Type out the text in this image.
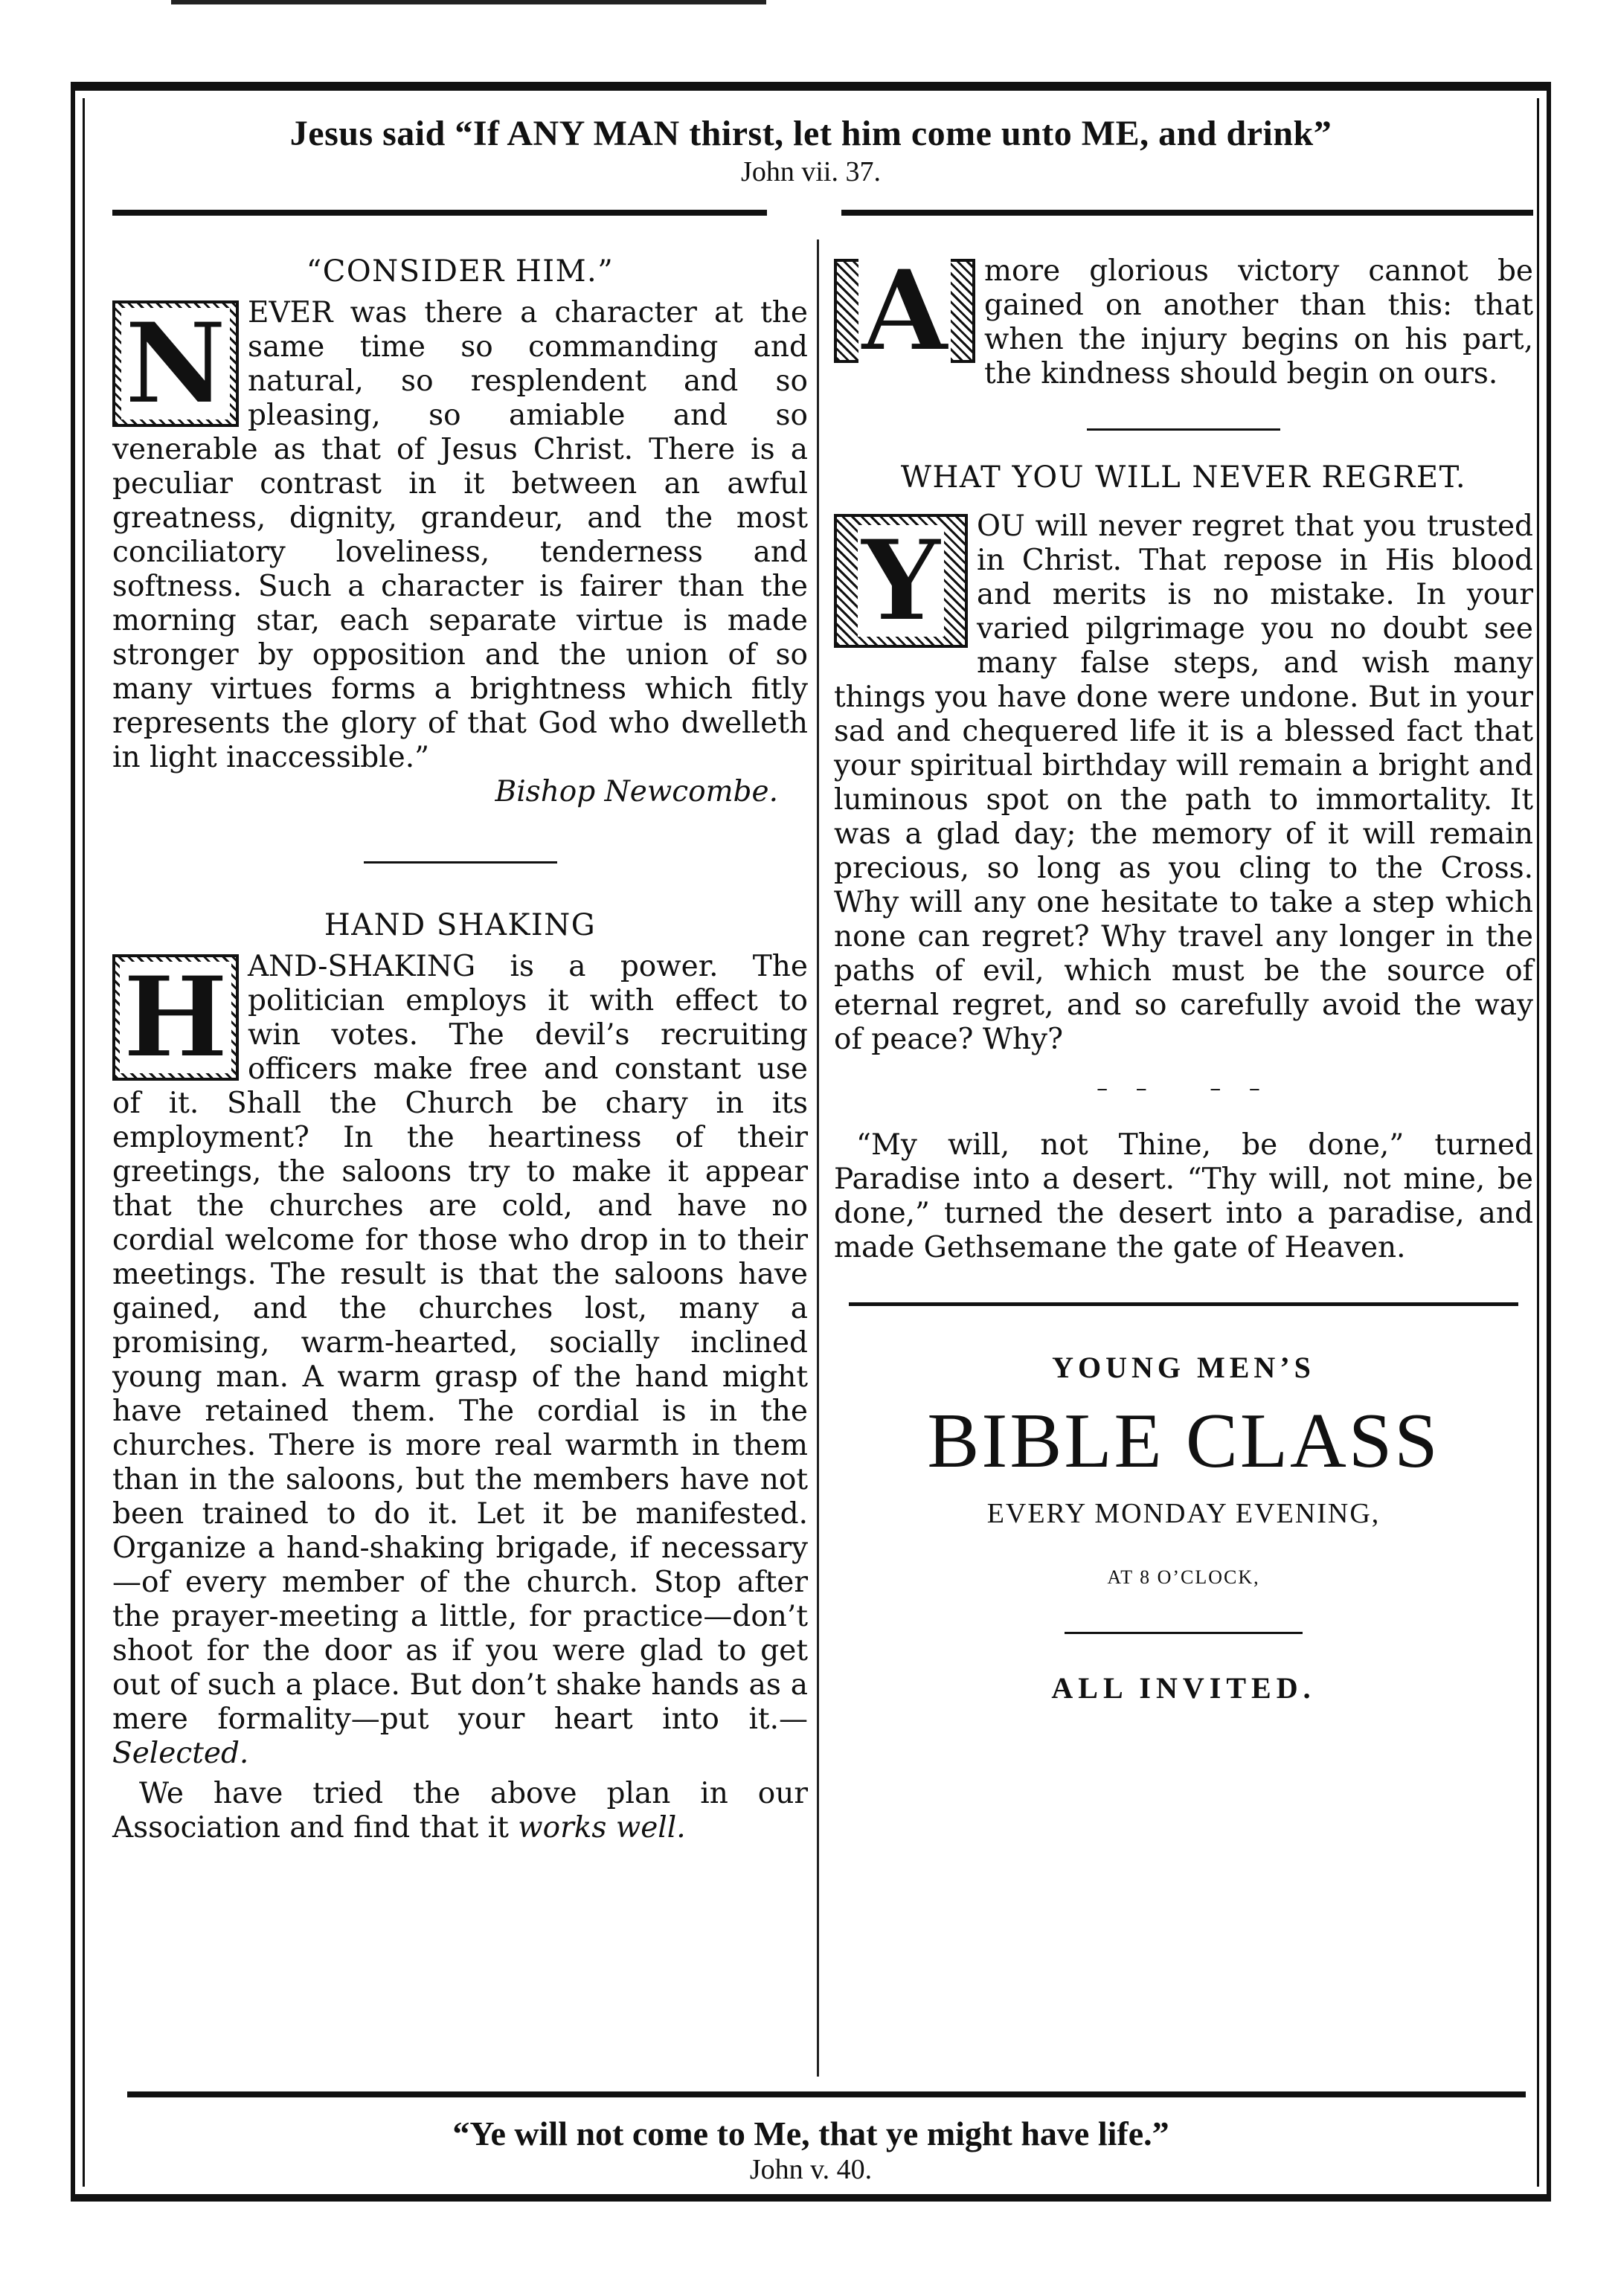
Jesus said “If ANY MAN thirst, let him come unto ME, and drink”
John vii. 37.
“CONSIDER HIM.”

N EVER was there a character at the same time so commanding and natural, so resplendent and so pleasing, so amiable and so venerable as that of Jesus Christ. There is a peculiar contrast in it between an awful greatness, dignity, grandeur, and the most conciliatory loveliness, tenderness and softness. Such a character is fairer than the morning star, each separate virtue is made stronger by opposition and the union of so many virtues forms a brightness which fitly represents the glory of that God who dwelleth in light inaccessible.”

Bishop Newcombe.

HAND SHAKING

H AND-SHAKING is a power. The politician employs it with effect to win votes. The devil’s recruiting officers make free and constant use of it. Shall the Church be chary in its employment? In the heartiness of their greetings, the saloons try to make it appear that the churches are cold, and have no cordial welcome for those who drop in to their meetings. The result is that the saloons have gained, and the churches lost, many a promising, warm-hearted, socially inclined young man. A warm grasp of the hand might have retained them. The cordial is in the churches. There is more real warmth in them than in the saloons, but the members have not been trained to do it. Let it be manifested. Organize a hand-shaking brigade, if necessary—of every member of the church. Stop after the prayer-meeting a little, for practice—don’t shoot for the door as if you were glad to get out of such a place. But don’t shake hands as a mere formality—put your heart into it.—Selected.

We have tried the above plan in our Association and find that it works well.

A more glorious victory cannot be gained on another than this: that when the injury begins on his part, the kindness should begin on ours.

WHAT YOU WILL NEVER REGRET.

Y OU will never regret that you trusted in Christ. That repose in His blood and merits is no mistake. In your varied pilgrimage you no doubt see many false steps, and wish many things you have done were undone. But in your sad and chequered life it is a blessed fact that your spiritual birthday will remain a bright and luminous spot on the path to immortality. It was a glad day; the memory of it will remain precious, so long as you cling to the Cross. Why will any one hesitate to take a step which none can regret? Why travel any longer in the paths of evil, which must be the source of eternal regret, and so carefully avoid the way of peace? Why?

– –   – –

“My will, not Thine, be done,” turned Paradise into a desert. “Thy will, not mine, be done,” turned the desert into a paradise, and made Gethsemane the gate of Heaven.

YOUNG MEN’S
BIBLE CLASS
EVERY MONDAY EVENING,
AT 8 O’CLOCK,
ALL INVITED.
“Ye will not come to Me, that ye might have life.”
John v. 40.
